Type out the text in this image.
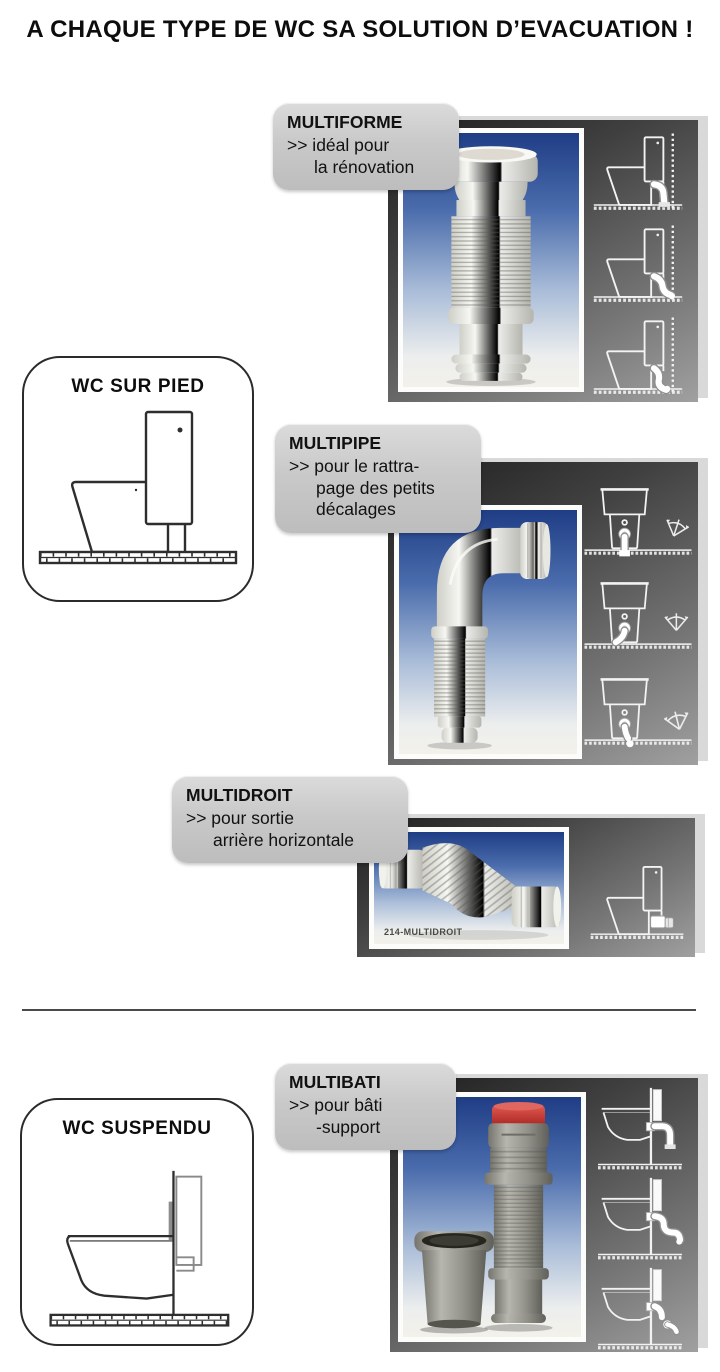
A CHAQUE TYPE DE WC SA SOLUTION D’EVACUATION !
MULTIFORME
>> idéal pour
la rénovation
WC SUR PIED
MULTIPIPE
>> pour le rattra-
page des petits
décalages
MULTIDROIT
>> pour sortie
arrière horizontale
214-MULTIDROIT
MULTIBATI
>> pour bâti
-support
WC SUSPENDU
